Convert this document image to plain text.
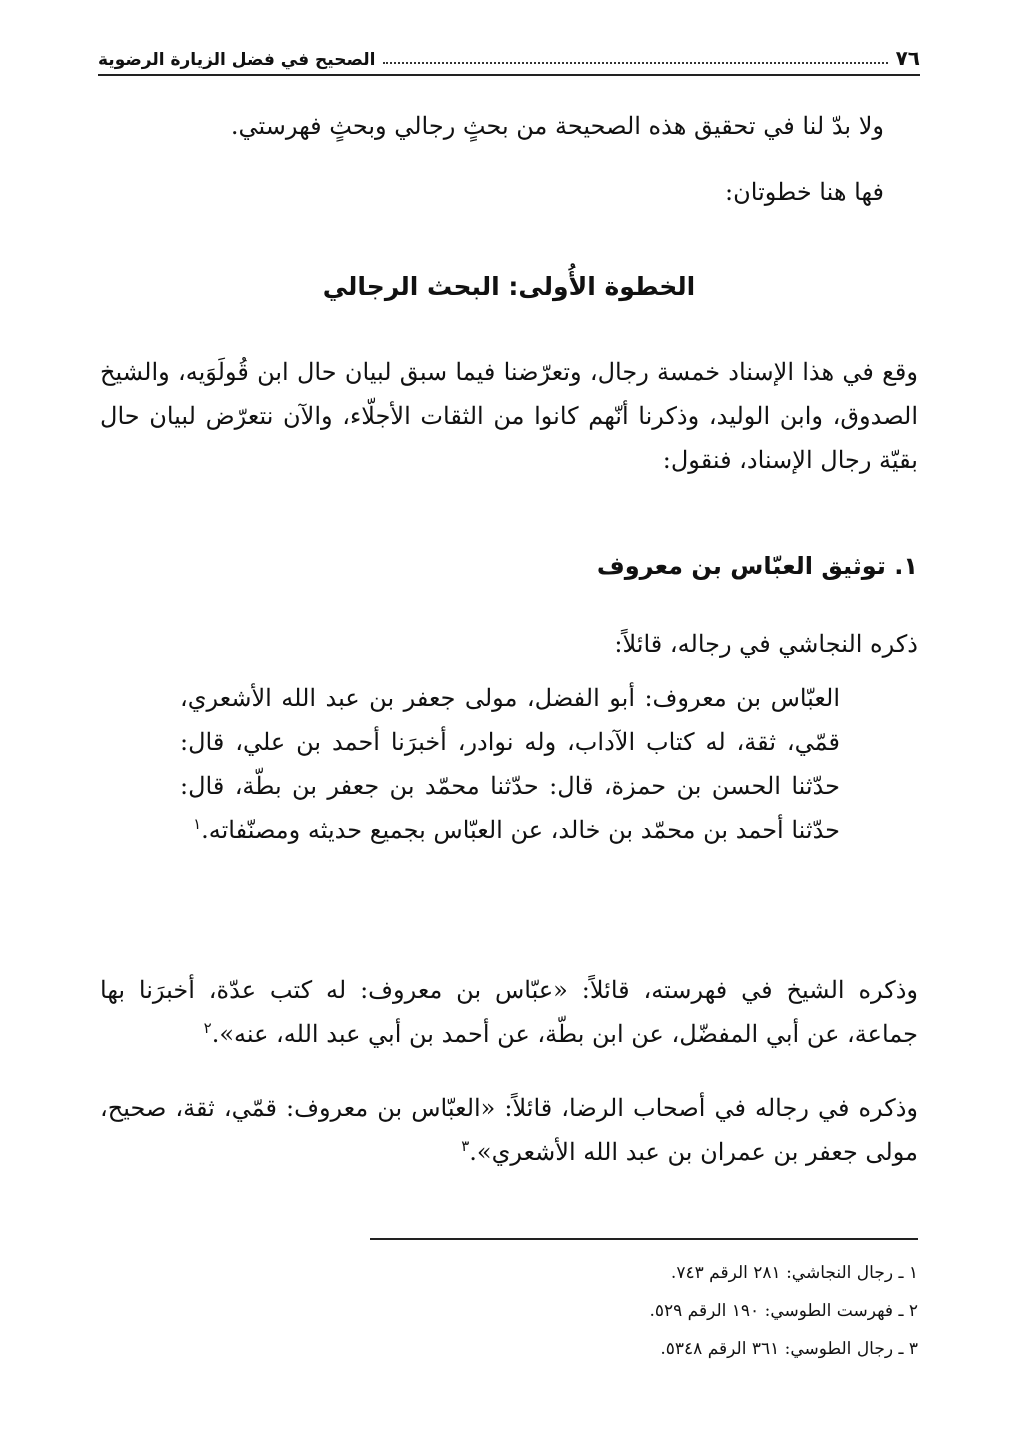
٧٦
الصحيح في فضل الزيارة الرضوية
ولا بدّ لنا في تحقيق هذه الصحيحة من بحثٍ رجالي وبحثٍ فهرستي.
فها هنا خطوتان:
الخطوة الأُولى: البحث الرجالي
وقع في هذا الإسناد خمسة رجال، وتعرّضنا فيما سبق لبيان حال ابن قُولَوَيه، والشيخ الصدوق، وابن الوليد، وذكرنا أنّهم كانوا من الثقات الأجلّاء، والآن نتعرّض لبيان حال بقيّة رجال الإسناد، فنقول:
١. توثيق العبّاس بن معروف
ذكره النجاشي في رجاله، قائلاً:
العبّاس بن معروف: أبو الفضل، مولى جعفر بن عبد الله الأشعري، قمّي، ثقة، له كتاب الآداب، وله نوادر، أخبرَنا أحمد بن علي، قال: حدّثنا الحسن بن حمزة، قال: حدّثنا محمّد بن جعفر بن بطّة، قال: حدّثنا أحمد بن محمّد بن خالد، عن العبّاس بجميع حديثه ومصنّفاته.$^١$
وذكره الشيخ في فهرسته، قائلاً: «عبّاس بن معروف: له كتب عدّة، أخبرَنا بها جماعة، عن أبي المفضّل، عن ابن بطّة، عن أحمد بن أبي عبد الله، عنه».$^٢$
وذكره في رجاله في أصحاب الرضا‬، قائلاً: «العبّاس بن معروف: قمّي، ثقة، صحيح، مولى جعفر بن عمران بن عبد الله الأشعري».$^٣$
١ ـ رجال النجاشي: ٢٨١ الرقم ٧٤٣.
٢ ـ فهرست الطوسي: ١٩٠ الرقم ٥٢٩.
٣ ـ رجال الطوسي: ٣٦١ الرقم ٥٣٤٨.
